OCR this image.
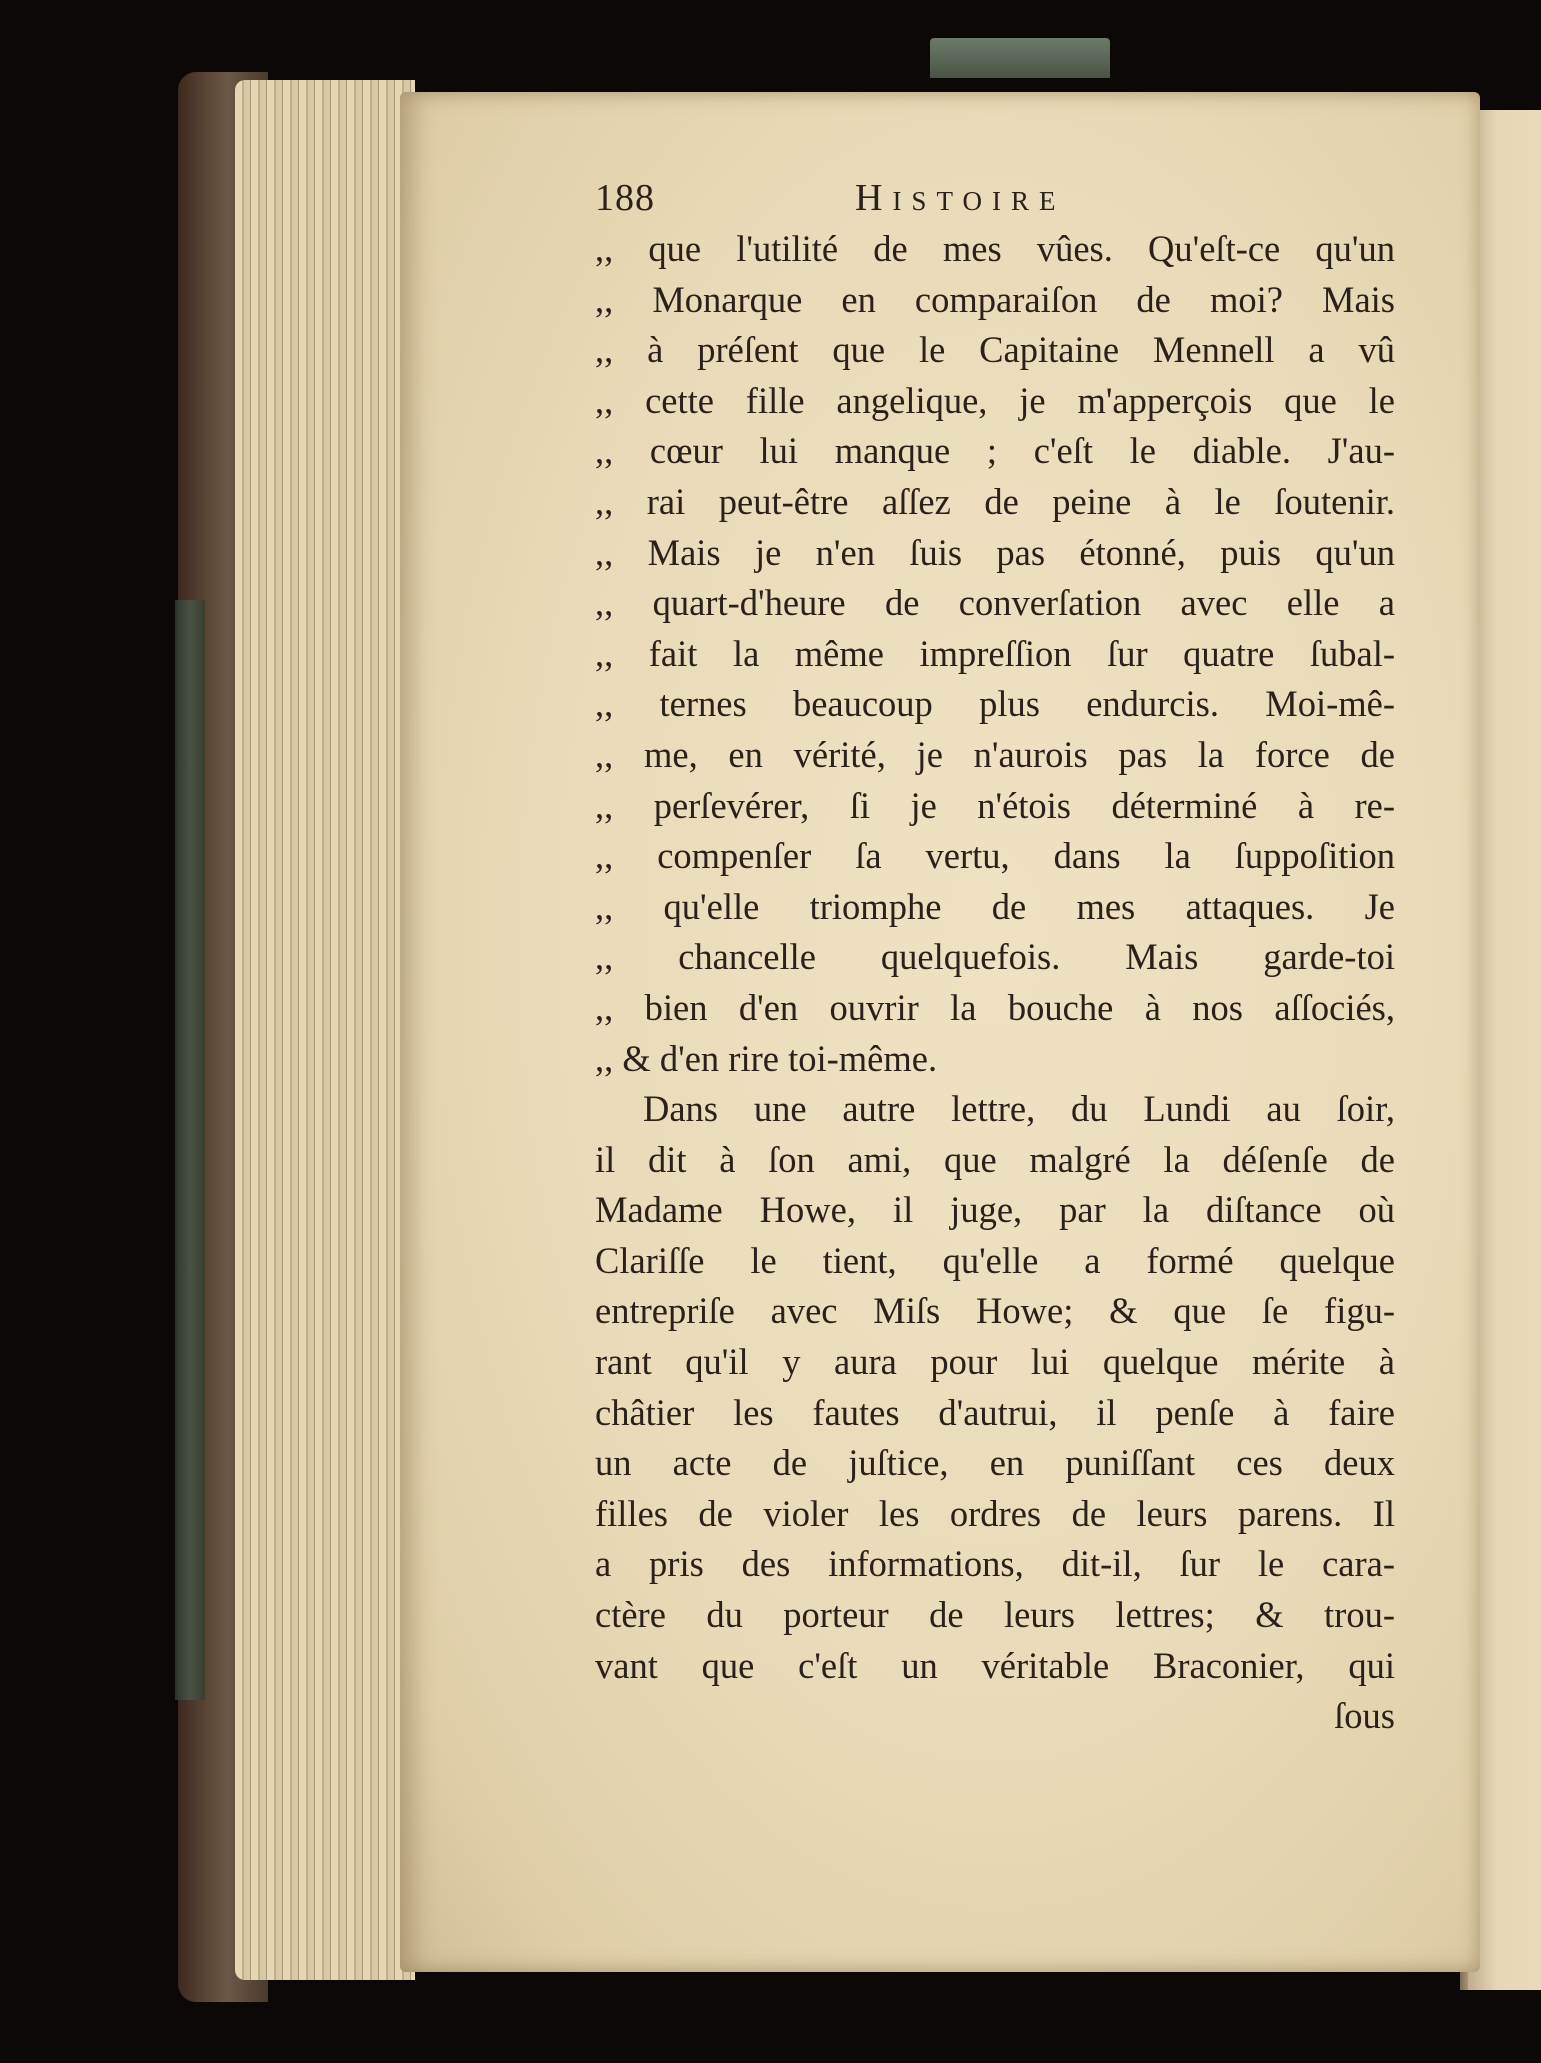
188	Histoire
,, que l'utilité de mes vûes. Qu'eſt-ce qu'un
,, Monarque en comparaiſon de moi? Mais
,, à préſent que le Capitaine Mennell a vû
,, cette fille angelique, je m'apperçois que le
,, cœur lui manque ; c'eſt le diable. J'au-
,, rai peut-être aſſez de peine à le ſoutenir.
,, Mais je n'en ſuis pas étonné, puis qu'un
,, quart-d'heure de converſation avec elle a
,, fait la même impreſſion ſur quatre ſubal-
,, ternes beaucoup plus endurcis. Moi-mê-
,, me, en vérité, je n'aurois pas la force de
,, perſevérer, ſi je n'étois déterminé à re-
,, compenſer ſa vertu, dans la ſuppoſition
,, qu'elle triomphe de mes attaques. Je
,, chancelle quelquefois. Mais garde-toi
,, bien d'en ouvrir la bouche à nos aſſociés,
,, & d'en rire toi-même.
Dans une autre lettre, du Lundi au ſoir,
il dit à ſon ami, que malgré la déſenſe de
Madame Howe, il juge, par la diſtance où
Clariſſe le tient, qu'elle a formé quelque
entrepriſe avec Miſs Howe; & que ſe figu-
rant qu'il y aura pour lui quelque mérite à
châtier les fautes d'autrui, il penſe à faire
un acte de juſtice, en puniſſant ces deux
filles de violer les ordres de leurs parens. Il
a pris des informations, dit-il, ſur le cara-
ctère du porteur de leurs lettres; & trou-
vant que c'eſt un véritable Braconier, qui
ſous
